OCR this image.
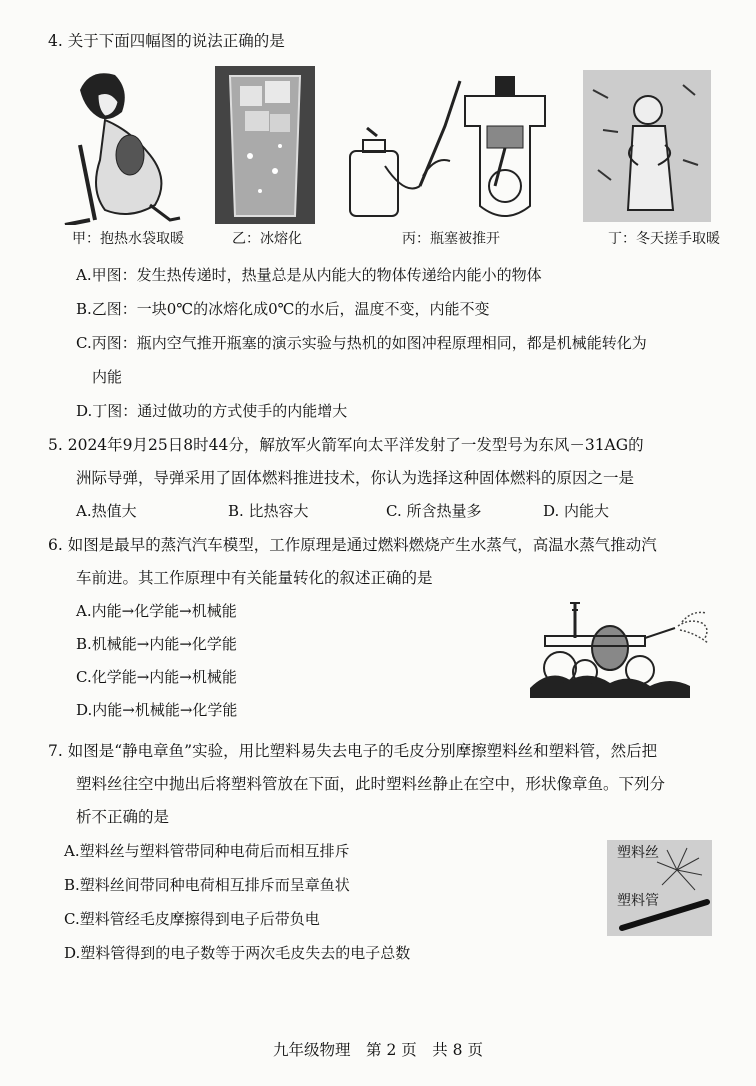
4. 关于下面四幅图的说法正确的是
甲：抱热水袋取暖	乙：冰熔化	丙：瓶塞被推开	丁：冬天搓手取暖
A.甲图：发生热传递时，热量总是从内能大的物体传递给内能小的物体
B.乙图：一块0℃的冰熔化成0℃的水后，温度不变，内能不变
C.丙图：瓶内空气推开瓶塞的演示实验与热机的如图冲程原理相同，都是机械能转化为
内能
D.丁图：通过做功的方式使手的内能增大
5. 2024年9月25日8时44分，解放军火箭军向太平洋发射了一发型号为东风－31AG的
洲际导弹，导弹采用了固体燃料推进技术，你认为选择这种固体燃料的原因之一是
A.热值大	B. 比热容大	C. 所含热量多	D. 内能大
6. 如图是最早的蒸汽汽车模型，工作原理是通过燃料燃烧产生水蒸气，高温水蒸气推动汽
车前进。其工作原理中有关能量转化的叙述正确的是
A.内能→化学能→机械能
B.机械能→内能→化学能
C.化学能→内能→机械能
D.内能→机械能→化学能
7. 如图是“静电章鱼”实验，用比塑料易失去电子的毛皮分别摩擦塑料丝和塑料管，然后把
塑料丝往空中抛出后将塑料管放在下面，此时塑料丝静止在空中，形状像章鱼。下列分
析不正确的是
A.塑料丝与塑料管带同种电荷后而相互排斥
B.塑料丝间带同种电荷相互排斥而呈章鱼状
C.塑料管经毛皮摩擦得到电子后带负电
D.塑料管得到的电子数等于两次毛皮失去的电子总数
塑料丝
塑料管
九年级物理　第 2 页　共 8 页
